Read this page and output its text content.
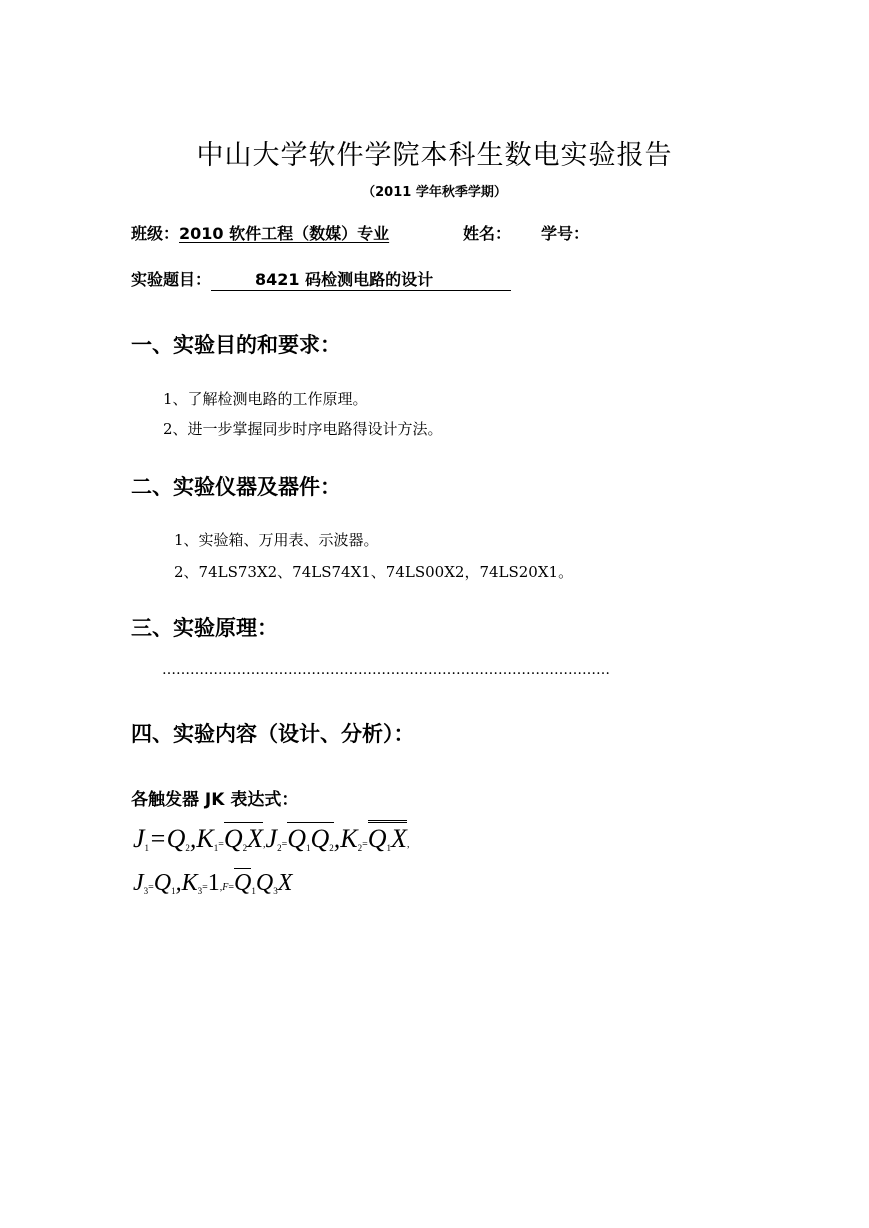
中山大学软件学院本科生数电实验报告
（2011 学年秋季学期）
班级：2010 软件工程（数媒）专业	姓名： 学号：
实验题目：	8421 码检测电路的设计
一、实验目的和要求：
1、了解检测电路的工作原理。
2、进一步掌握同步时序电路得设计方法。
二、实验仪器及器件：
1、实验箱、万用表、示波器。
2、74LS73X2、74LS74X1、74LS00X2，74LS20X1。
三、实验原理：
……………………………………………………………………………………
四、实验内容（设计、分析）：
各触发器 JK 表达式：
$J_1=Q_2,K_1=Q_2X,J_2=Q_1Q_2,K_2=Q_1X$,
$J_3=Q_1,K_3=1,F=Q_1Q_3X$
